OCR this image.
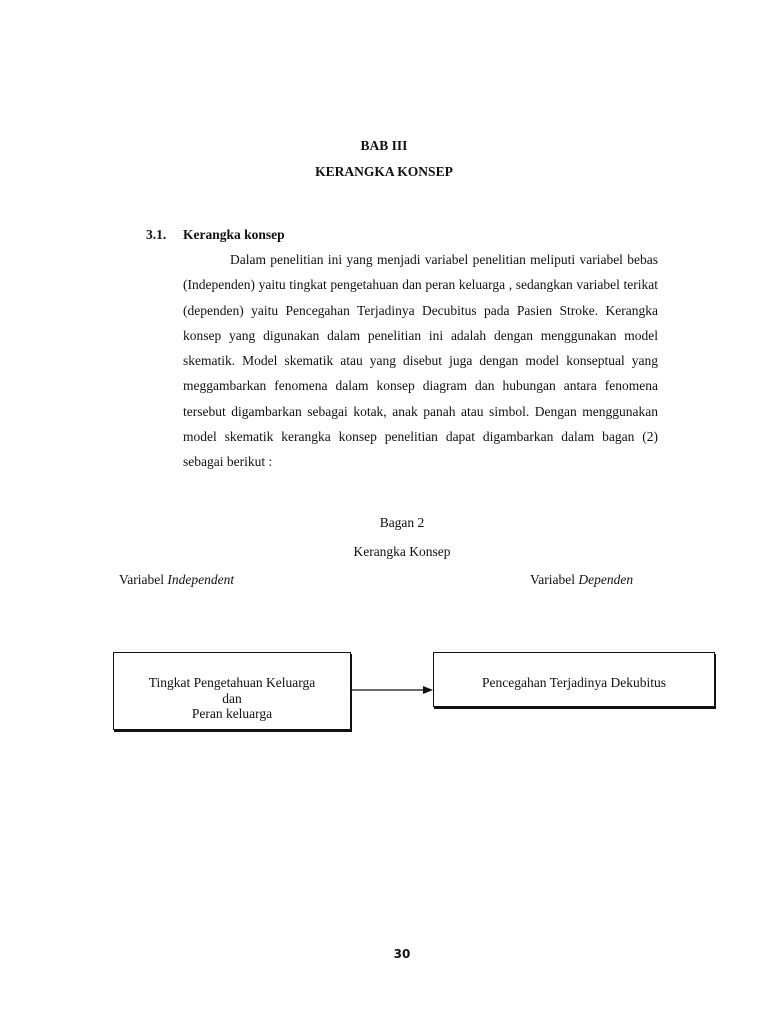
BAB III
KERANGKA KONSEP
3.1. Kerangka konsep

Dalam penelitian ini yang menjadi variabel penelitian meliputi variabel bebas (Independen) yaitu tingkat pengetahuan dan peran keluarga , sedangkan variabel terikat (dependen) yaitu Pencegahan Terjadinya Decubitus pada Pasien Stroke. Kerangka konsep yang digunakan dalam penelitian ini adalah dengan menggunakan model skematik. Model skematik atau yang disebut juga dengan model konseptual yang meggambarkan fenomena dalam konsep diagram dan hubungan antara fenomena tersebut digambarkan sebagai kotak, anak panah atau simbol. Dengan menggunakan model skematik kerangka konsep penelitian dapat digambarkan dalam bagan (2) sebagai berikut :

Bagan 2
Kerangka Konsep
Variabel Independent	Variabel Dependen
Tingkat Pengetahuan Keluarga
dan
Peran keluarga
Pencegahan Terjadinya Dekubitus
30
